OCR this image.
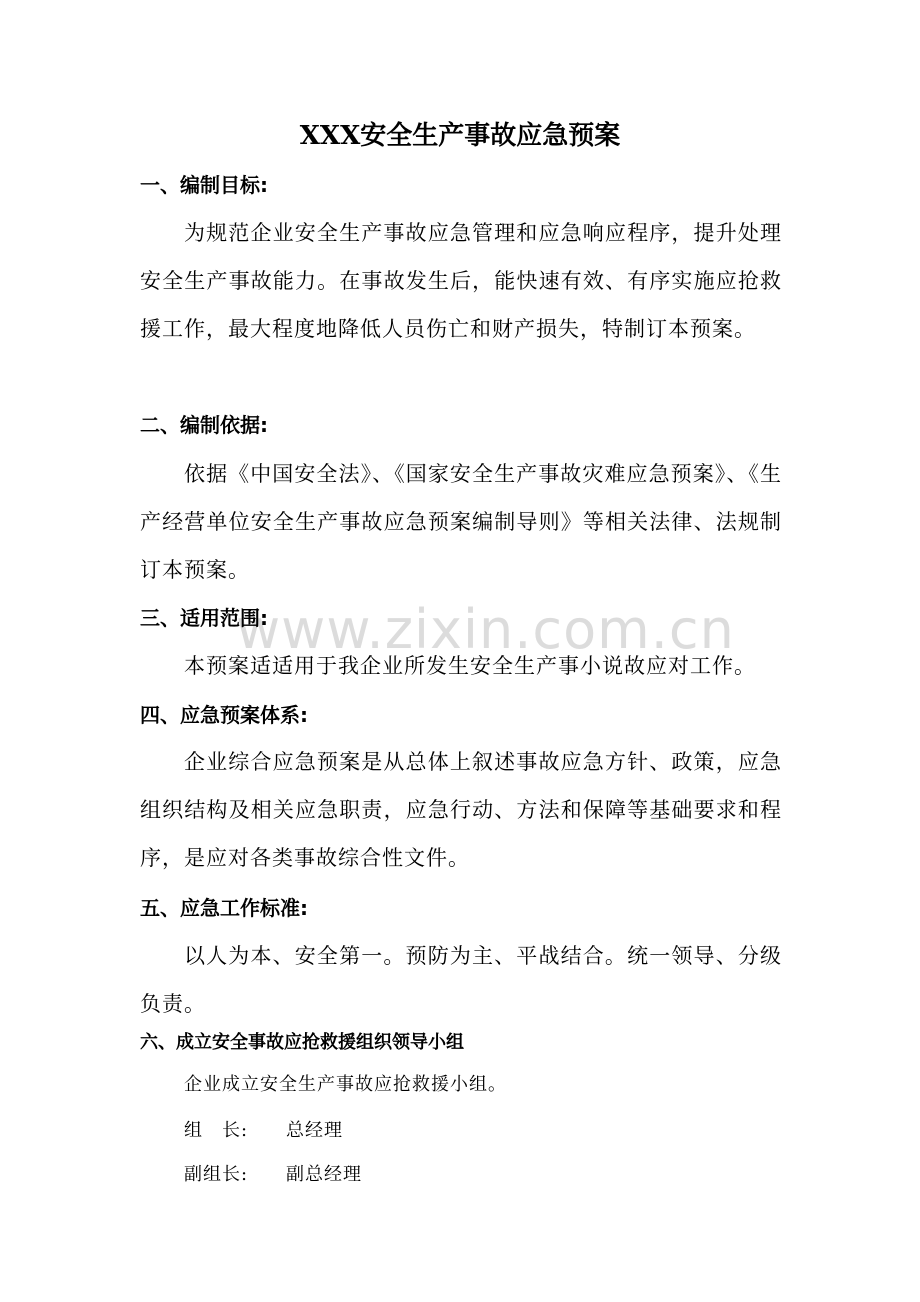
www.zixin.com.cn
XXX安全生产事故应急预案
一、编制目标:
为规范企业安全生产事故应急管理和应急响应程序，提升处理安全生产事故能力。在事故发生后，能快速有效、有序实施应抢救援工作，最大程度地降低人员伤亡和财产损失，特制订本预案。
二、编制依据:
依据《中国安全法》、《国家安全生产事故灾难应急预案》、《生产经营单位安全生产事故应急预案编制导则》等相关法律、法规制订本预案。
三、适用范围:
本预案适适用于我企业所发生安全生产事小说故应对工作。
四、应急预案体系:
企业综合应急预案是从总体上叙述事故应急方针、政策，应急组织结构及相关应急职责，应急行动、方法和保障等基础要求和程序，是应对各类事故综合性文件。
五、应急工作标准:
以人为本、安全第一。预防为主、平战结合。统一领导、分级负责。
六、成立安全事故应抢救援组织领导小组
企业成立安全生产事故应抢救援小组。
组　长: 总经理
副组长: 副总经理
